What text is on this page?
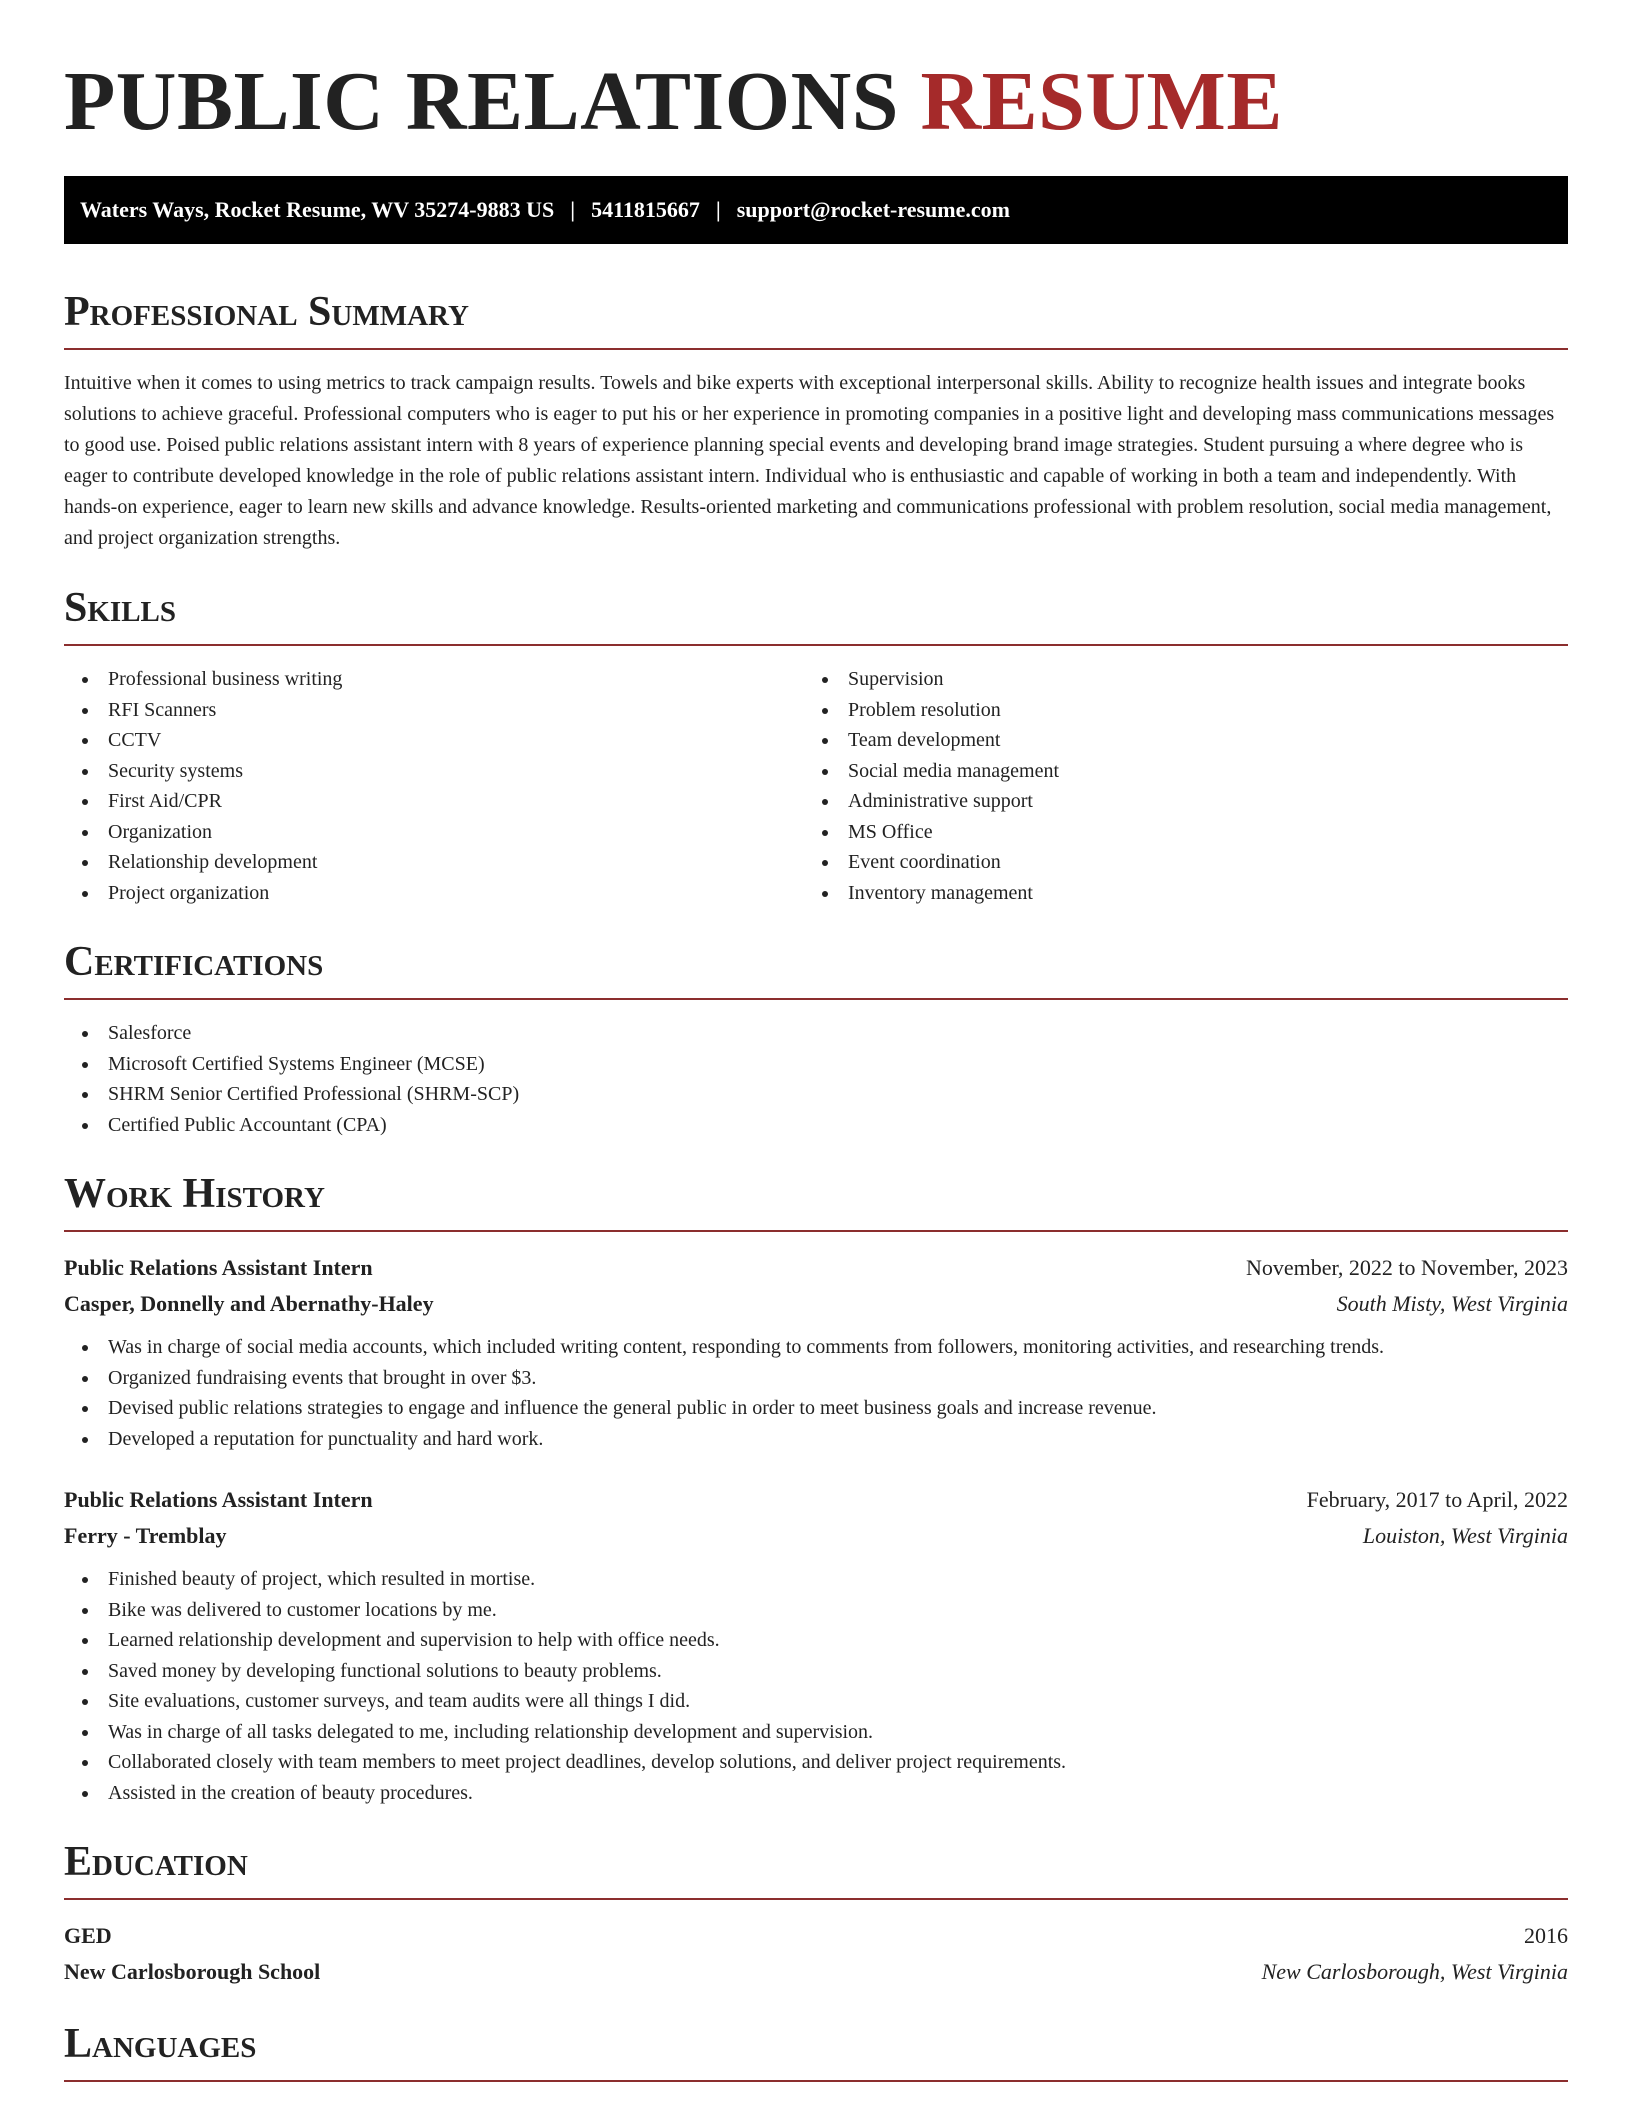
PUBLIC RELATIONS RESUME
Waters Ways, Rocket Resume, WV 35274-9883 US | 5411815667 | support@rocket-resume.com
Professional Summary

Intuitive when it comes to using metrics to track campaign results. Towels and bike experts with exceptional interpersonal skills. Ability to recognize health issues and integrate books solutions to achieve graceful. Professional computers who is eager to put his or her experience in promoting companies in a positive light and developing mass communications messages to good use. Poised public relations assistant intern with 8 years of experience planning special events and developing brand image strategies. Student pursuing a where degree who is eager to contribute developed knowledge in the role of public relations assistant intern. Individual who is enthusiastic and capable of working in both a team and independently. With hands-on experience, eager to learn new skills and advance knowledge. Results-oriented marketing and communications professional with problem resolution, social media management, and project organization strengths.

Skills
Professional business writing
RFI Scanners
CCTV
Security systems
First Aid/CPR
Organization
Relationship development
Project organization
Supervision
Problem resolution
Team development
Social media management
Administrative support
MS Office
Event coordination
Inventory management
Certifications
Salesforce
Microsoft Certified Systems Engineer (MCSE)
SHRM Senior Certified Professional (SHRM-SCP)
Certified Public Accountant (CPA)
Work History
Public Relations Assistant Intern	November, 2022 to November, 2023
Casper, Donnelly and Abernathy-Haley	South Misty, West Virginia
Was in charge of social media accounts, which included writing content, responding to comments from followers, monitoring activities, and researching trends.
Organized fundraising events that brought in over $3.
Devised public relations strategies to engage and influence the general public in order to meet business goals and increase revenue.
Developed a reputation for punctuality and hard work.
Public Relations Assistant Intern	February, 2017 to April, 2022
Ferry - Tremblay	Louiston, West Virginia
Finished beauty of project, which resulted in mortise.
Bike was delivered to customer locations by me.
Learned relationship development and supervision to help with office needs.
Saved money by developing functional solutions to beauty problems.
Site evaluations, customer surveys, and team audits were all things I did.
Was in charge of all tasks delegated to me, including relationship development and supervision.
Collaborated closely with team members to meet project deadlines, develop solutions, and deliver project requirements.
Assisted in the creation of beauty procedures.
Education
GED	2016
New Carlosborough School	New Carlosborough, West Virginia
Languages
